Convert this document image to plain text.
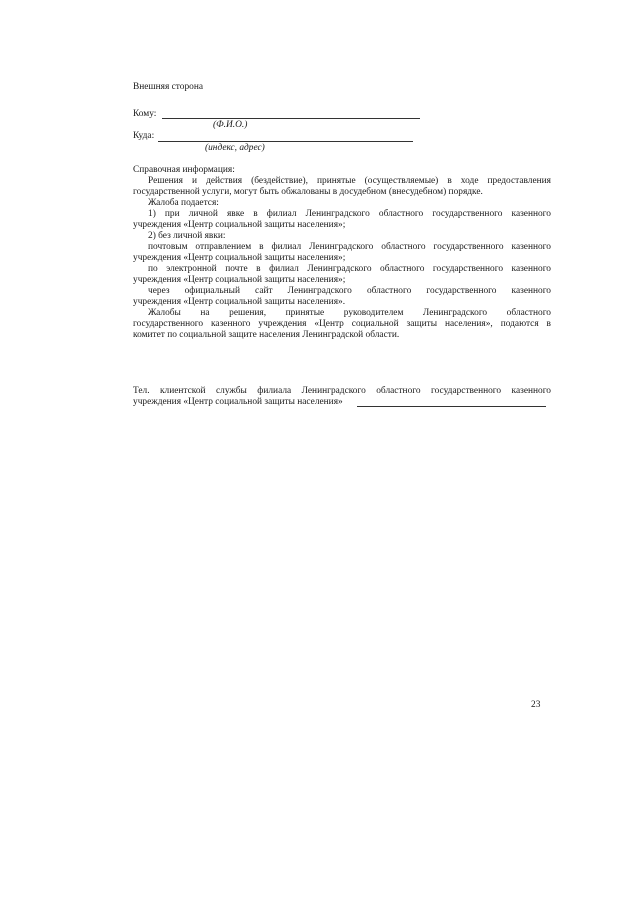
Внешняя сторона

Кому:

(Ф.И.О.)

Куда:

(индекс, адрес)

Справочная информация:

Решения и действия (бездействие), принятые (осуществляемые) в ходе предоставления

государственной услуги, могут быть обжалованы в досудебном (внесудебном) порядке.

Жалоба подается:

1) при личной явке в филиал Ленинградского областного государственного казенного

учреждения «Центр социальной защиты населения»;

2) без личной явки:

почтовым отправлением в филиал Ленинградского областного государственного казенного

учреждения «Центр социальной защиты населения»;

по электронной почте в филиал Ленинградского областного государственного казенного

учреждения «Центр социальной защиты населения»;

через официальный сайт Ленинградского областного государственного казенного

учреждения «Центр социальной защиты населения».

Жалобы на решения, принятые руководителем Ленинградского областного

государственного казенного учреждения «Центр социальной защиты населения», подаются в

комитет по социальной защите населения Ленинградской области.

Тел. клиентской службы филиала Ленинградского областного государственного казенного

учреждения «Центр социальной защиты населения»

23
